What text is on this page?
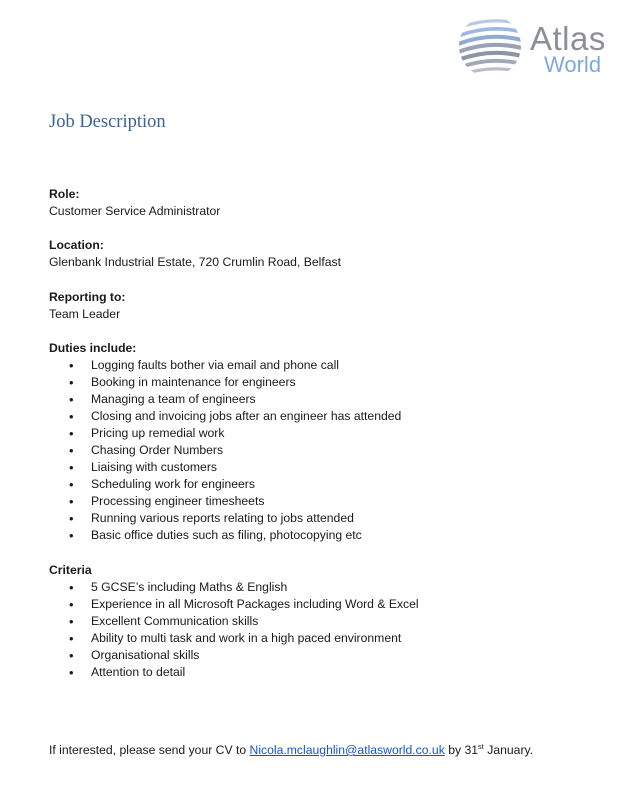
Atlas
World
Job Description
Role:
Customer Service Administrator
Location:
Glenbank Industrial Estate, 720 Crumlin Road, Belfast
Reporting to:
Team Leader
Duties include:
• Logging faults bother via email and phone call
• Booking in maintenance for engineers
• Managing a team of engineers
• Closing and invoicing jobs after an engineer has attended
• Pricing up remedial work
• Chasing Order Numbers
• Liaising with customers
• Scheduling work for engineers
• Processing engineer timesheets
• Running various reports relating to jobs attended
• Basic office duties such as filing, photocopying etc
Criteria
• 5 GCSE’s including Maths & English
• Experience in all Microsoft Packages including Word & Excel
• Excellent Communication skills
• Ability to multi task and work in a high paced environment
• Organisational skills
• Attention to detail
If interested, please send your CV to Nicola.mclaughlin@atlasworld.co.uk by 31st January.
